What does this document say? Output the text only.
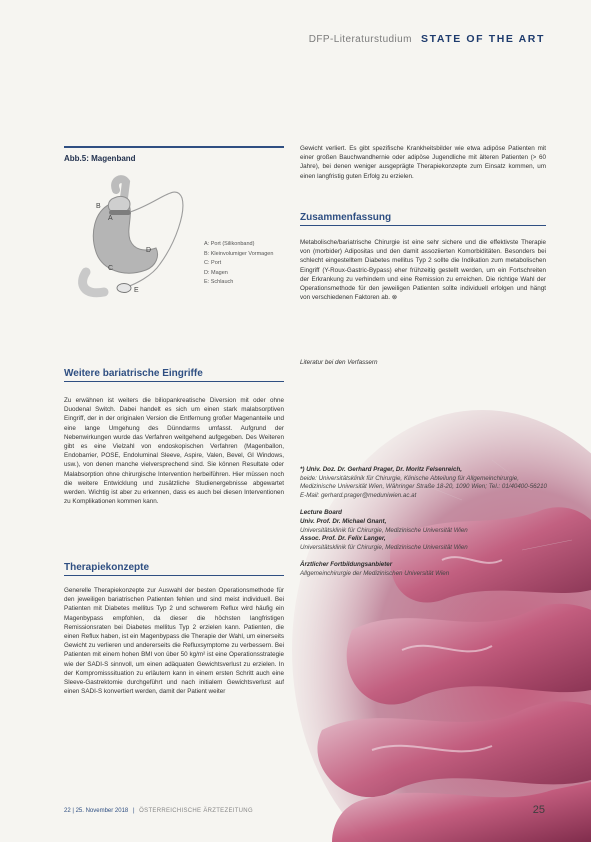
DFP-Literaturstudium STATE OF THE ART
Abb.5: Magenband
A
B
C
D
E
A: Port (Silikonband)
B: Kleinvolumiger Vormagen
C: Port
D: Magen
E: Schlauch
Weitere bariatrische Eingriffe
Zu erwähnen ist weiters die biliopankreatische Diversion mit oder ohne Duodenal Switch. Dabei handelt es sich um einen stark malabsorptiven Eingriff, der in der originalen Version die Entfernung großer Magenanteile und eine lange Umgehung des Dünndarms umfasst. Aufgrund der Nebenwirkungen wurde das Verfahren weitgehend aufgegeben. Des Weiteren gibt es eine Vielzahl von endoskopischen Verfahren (Magenballon, Endobarrier, POSE, Endoluminal Sleeve, Aspire, Valen, Bevel, GI Windows, usw.), von denen manche vielversprechend sind. Sie können Resultate oder Malabsorption ohne chirurgische Intervention herbeiführen. Hier müssen noch die weitere Entwicklung und zusätzliche Studienergebnisse abgewartet werden. Wichtig ist aber zu erkennen, dass es auch bei diesen Interventionen zu Komplikationen kommen kann.
Therapiekonzepte
Generelle Therapiekonzepte zur Auswahl der besten Operationsmethode für den jeweiligen bariatrischen Patienten fehlen und sind meist individuell. Bei Patienten mit Diabetes mellitus Typ 2 und schwerem Reflux wird häufig ein Magenbypass empfohlen, da dieser die höchsten langfristigen Remissionsraten bei Diabetes mellitus Typ 2 erzielen kann. Patienten, die einen Reflux haben, ist ein Magenbypass die Therapie der Wahl, um einerseits Gewicht zu verlieren und andererseits die Refluxsymptome zu verbessern. Bei Patienten mit einem hohen BMI von über 50 kg/m² ist eine Operationsstrategie wie der SADI-S sinnvoll, um einen adäquaten Gewichtsverlust zu erzielen. In der Kompromisssituation zu erläutern kann in einem ersten Schritt auch eine Sleeve-Gastrektomie durchgeführt und nach initialem Gewichtsverlust auf einen SADI-S konvertiert werden, damit der Patient weiter
Gewicht verliert. Es gibt spezifische Krankheitsbilder wie etwa adipöse Patienten mit einer großen Bauchwandhernie oder adipöse Jugendliche mit älteren Patienten (> 60 Jahre), bei denen weniger ausgeprägte Therapiekonzepte zum Einsatz kommen, um einen langfristig guten Erfolg zu erzielen.
Zusammenfassung
Metabolische/bariatrische Chirurgie ist eine sehr sichere und die effektivste Therapie von (morbider) Adipositas und den damit assoziierten Komorbiditäten. Besonders bei schlecht eingestelltem Diabetes mellitus Typ 2 sollte die Indikation zum metabolischen Eingriff (Y-Roux-Gastric-Bypass) eher frühzeitig gestellt werden, um ein Fortschreiten der Erkrankung zu verhindern und eine Remission zu erreichen. Die richtige Wahl der Operationsmethode für den jeweiligen Patienten sollte individuell erfolgen und hängt von verschiedenen Faktoren ab. ⊗
Literatur bei den Verfassern
*) Univ. Doz. Dr. Gerhard Prager, Dr. Moritz Felsenreich,
beide: Universitätsklinik für Chirurgie, Klinische Abteilung für Allgemeinchirurgie, Medizinische Universität Wien, Währinger Straße 18-20, 1090 Wien; Tel.: 01/40400-56210
E-Mail: gerhard.prager@meduniwien.ac.at
Lecture Board
Univ. Prof. Dr. Michael Gnant,
Universitätsklinik für Chirurgie, Medizinische Universität Wien
Assoc. Prof. Dr. Felix Langer,
Universitätsklinik für Chirurgie, Medizinische Universität Wien
Ärztlicher Fortbildungsanbieter
Allgemeinchirurgie der Medizinischen Universität Wien
22 | 25. November 2018 | ÖSTERREICHISCHE ÄRZTEZEITUNG	25
